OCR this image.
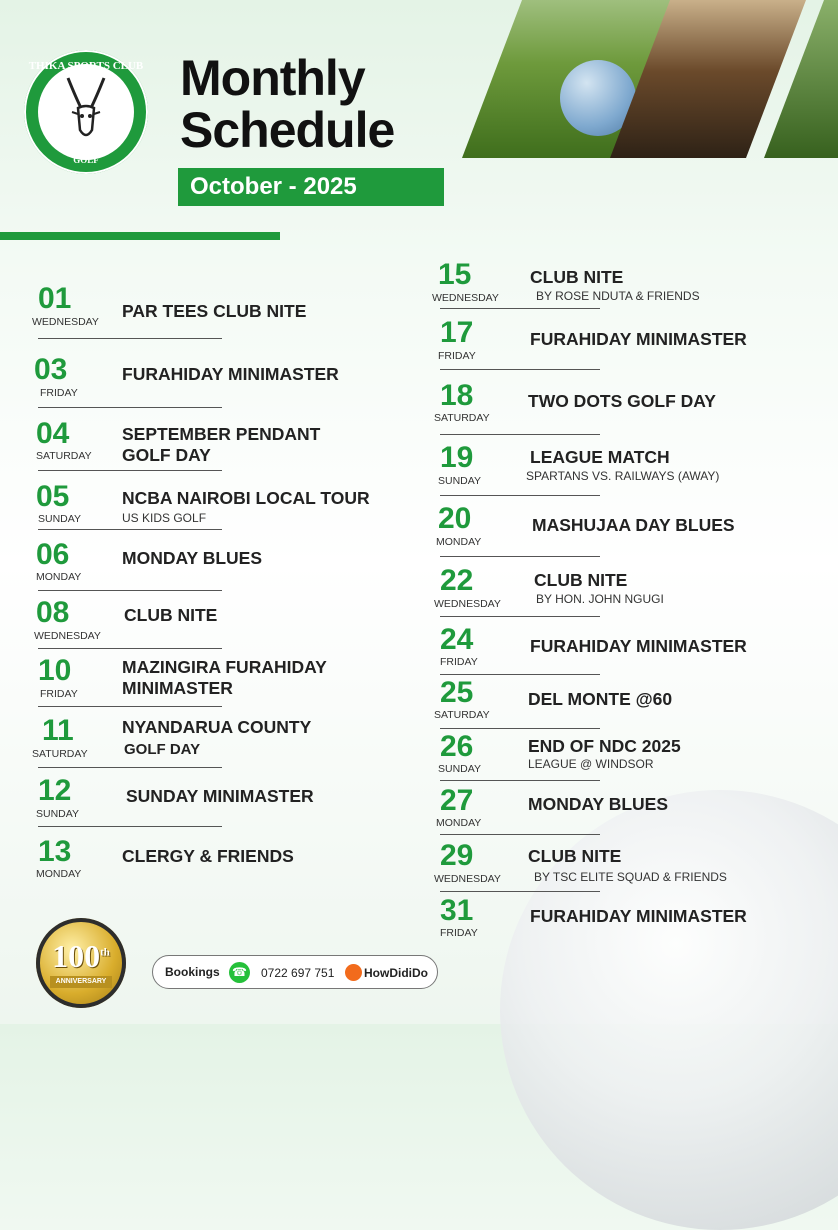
THIKA SPORTS CLUB
GOLF
Monthly
Schedule
October - 2025
01
WEDNESDAY
PAR TEES CLUB NITE
03
FRIDAY
FURAHIDAY MINIMASTER
04
SATURDAY
SEPTEMBER PENDANT
GOLF DAY
05
SUNDAY
NCBA NAIROBI LOCAL TOUR
US KIDS GOLF
06
MONDAY
MONDAY BLUES
08
WEDNESDAY
CLUB NITE
10
FRIDAY
MAZINGIRA FURAHIDAY
MINIMASTER
11
SATURDAY
NYANDARUA COUNTY
GOLF DAY
12
SUNDAY
SUNDAY MINIMASTER
13
MONDAY
CLERGY & FRIENDS
15
WEDNESDAY
CLUB NITE
BY ROSE NDUTA & FRIENDS
17
FRIDAY
FURAHIDAY MINIMASTER
18
SATURDAY
TWO DOTS GOLF DAY
19
SUNDAY
LEAGUE MATCH
SPARTANS VS. RAILWAYS (AWAY)
20
MONDAY
MASHUJAA DAY BLUES
22
WEDNESDAY
CLUB NITE
BY HON. JOHN NGUGI
24
FRIDAY
FURAHIDAY MINIMASTER
25
SATURDAY
DEL MONTE @60
26
SUNDAY
END OF NDC 2025
LEAGUE @ WINDSOR
27
MONDAY
MONDAY BLUES
29
WEDNESDAY
CLUB NITE
BY TSC ELITE SQUAD & FRIENDS
31
FRIDAY
FURAHIDAY MINIMASTER
100th
ANNIVERSARY
Bookings ☎ 0722 697 751 HowDidiDo
